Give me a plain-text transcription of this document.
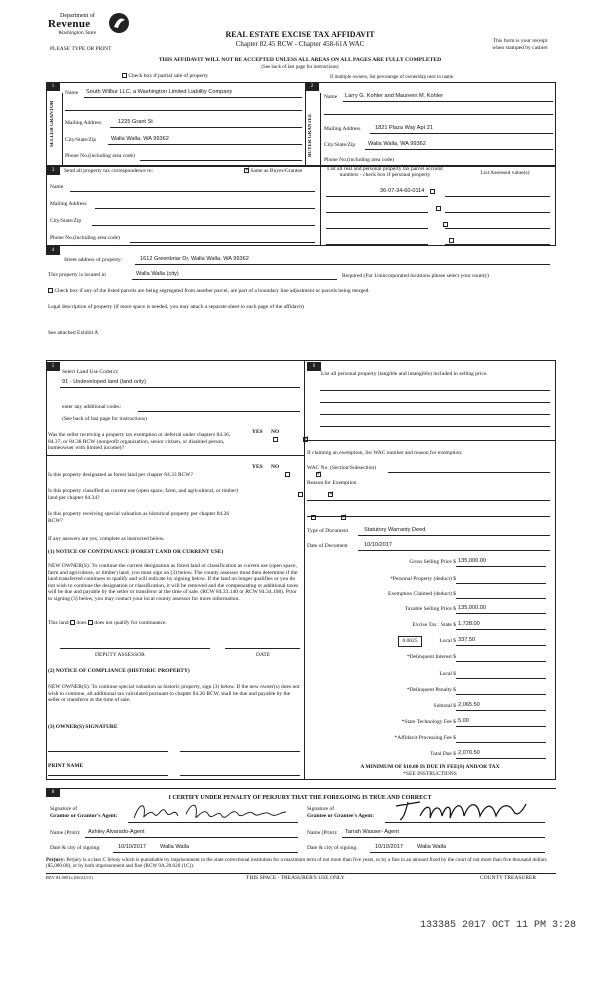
Department of
Revenue
Washington State
PLEASE TYPE OR PRINT
REAL ESTATE EXCISE TAX AFFIDAVIT
Chapter 82.45 RCW - Chapter 458-61A WAC	This form is your receipt
when stamped by cashier
THIS AFFIDAVIT WILL NOT BE ACCEPTED UNLESS ALL AREAS ON ALL PAGES ARE FULLY COMPLETED
(See back of last page for instructions)
Check box if partial sale of property	If multiple owners, list percentage of ownership next to name.
1	2
SELLER GRANTOR	BUYER GRANTEE
Name South Wilbur LLC, a Washington Limited Liability Company
Mailing Address	1225 Grant St
City/State/Zip	Walla Walla, WA 99362
Phone No.(including area code)
Name Larry G. Kohler and Maureen M. Kohler
Mailing Address	1821 Plaza Way Apt 21
City/State/Zip Walla Walla, WA 99362
Phone No.(including area code)
3	Send all property tax correspondence to:
✓	Same as Buyer/Grantee	List all real and personal property tax parcel account
numbers - check box if personal property	List Assessed value(s)
Name
Mailing Address
City/State/Zip
Phone No.(including area code)
36-07-34-60-0114

4
Street address of property:	1612 Greenbriar Dr, Walla Walla, WA 99362
This property is located in	Walla Walla (city)	Required (For Unincorporated locations please select your county)
Check box if any of the listed parcels are being segregated from another parcel, are part of a boundary line adjustment or parcels being merged.
Legal description of property (if more space is needed, you may attach a separate sheet to each page of the affidavit)
See attached Exhibit A
5	6
Select Land Use Code(s):
91 - Undeveloped land (land only)
enter any additional codes:
(See back of last page for instructions)
YES NO
Was the seller receiving a property tax exemption or deferral under chapters 84.36, 84.37, or 84.38 RCW (nonprofit organization, senior citizen, or disabled person, homeowner with limited income)?
✓
YES NO
Is this property designated as forest land per chapter 84.33 RCW?
✓
Is this property classified as current use (open space, farm, and agricultural, or timber) land per chapter 84.34?
✓
Is this property receiving special valuation as historical property per chapter 84.26 RCW?
✓
If any answers are yes, complete as instructed below.
(1) NOTICE OF CONTINUANCE (FOREST LAND OR CURRENT USE)
NEW OWNER(S): To continue the current designation as forest land or classification as current use (open space, farm and agriculture, or timber) land, you must sign on (3) below. The county assessor must then determine if the land transferred continues to qualify and will indicate by signing below. If the land no longer qualifies or you do not wish to continue the designation or classification, it will be removed and the compensating or additional taxes will be due and payable by the seller or transferor at the time of sale. (RCW 84.33.140 or RCW 84.34.108). Prior to signing (3) below, you may contact your local county assessor for more information.
This land does does not qualify for continuance.
DEPUTY ASSESSOR	DATE
(2) NOTICE OF COMPLIANCE (HISTORIC PROPERTY)
NEW OWNER(S): To continue special valuation as historic property, sign (3) below. If the new owner(s) does not wish to continue, all additional tax calculated pursuant to chapter 84.26 RCW, shall be due and payable by the seller or transferor at the time of sale.
(3) OWNER(S) SIGNATURE
PRINT NAME
List all personal property (tangible and intangible) included in selling price.
If claiming an exemption, list WAC number and reason for exemption:
WAC No. (Section/Subsection)
Reason for Exemption
Type of Document	Statutory Warranty Deed
Date of Document	10/10/2017
Gross Selling Price $ 135,000.00
*Personal Property (deduct) $
Exemption Claimed (deduct) $
Taxable Selling Price $ 135,000.00
Excise Tax : State $ 1,728.00
0.0025	Local $ 337.50
*Delinquent Interest $
Local $
*Delinquent Penalty $
Subtotal $ 2,065.50
*State Technology Fee $ 5.00
*Affidavit Processing Fee $
Total Due $ 2,070.50
A MINIMUM OF $10.00 IS DUE IN FEE(S) AND/OR TAX
*SEE INSTRUCTIONS
8
I CERTIFY UNDER PENALTY OF PERJURY THAT THE FOREGOING IS TRUE AND CORRECT
Signature of
Grantor or Grantor's Agent:
Signature of
Grantee or Grantee's Agent:
Name (Print): Ashley Alvarado-Agent	Name (Print): Tarrah Wasser- Agent
Date & city of signing:	10/10/2017	Walla Walla	Date & city of signing:	10/10/2017	Walla Walla
Perjury: Perjury is a class C felony which is punishable by imprisonment in the state correctional institution for a maximum term of not more than five years, or by a fine in an amount fixed by the court of not more than five thousand dollars ($5,000.00), or by both imprisonment and fine (RCW 9A.20.020 (1C)).
REV 84 0001a (06/22/15)	THIS SPACE - TREASURER'S USE ONLY	COUNTY TREASURER
133385 2017 OCT 11 PM 3:28
